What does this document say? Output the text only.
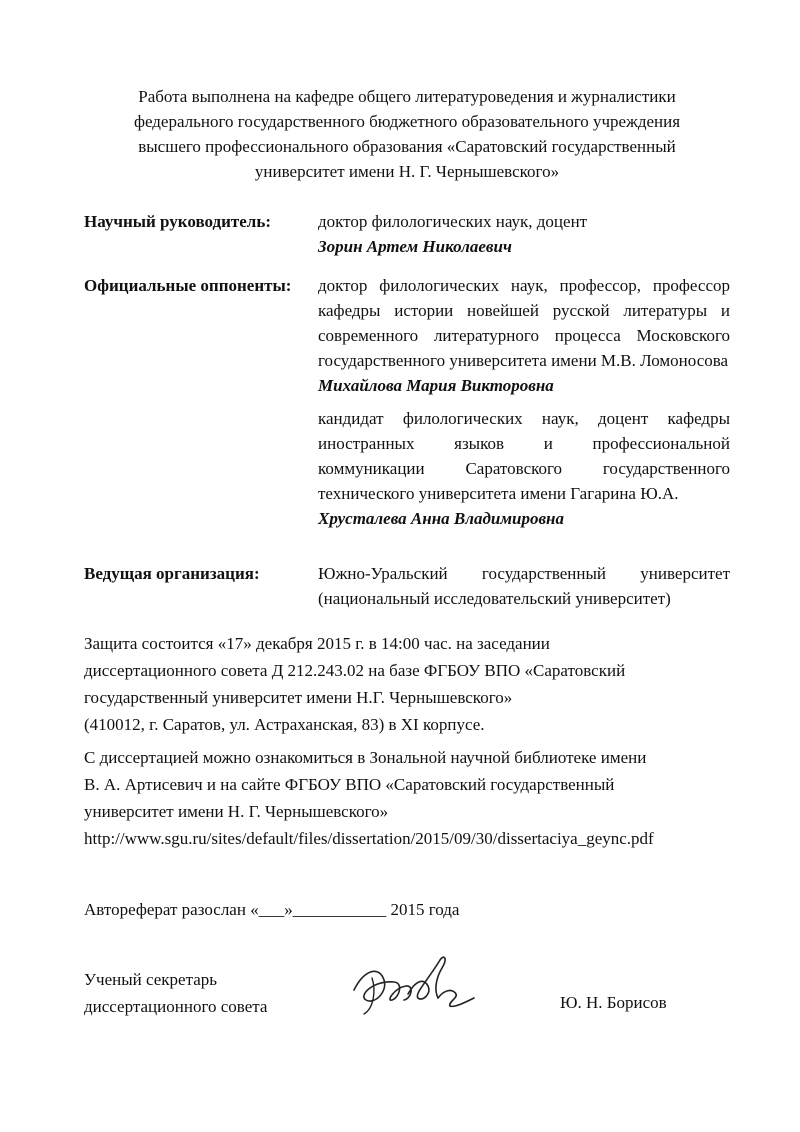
Работа выполнена на кафедре общего литературоведения и журналистики
федерального государственного бюджетного образовательного учреждения
высшего профессионального образования «Саратовский государственный
университет имени Н. Г. Чернышевского»
Научный руководитель:	доктор филологических наук, доцент
Зорин Артем Николаевич
Официальные оппоненты: доктор филологических наук, профессор, профессор кафедры истории новейшей русской литературы и современного литературного процесса Московского государственного университета имени М.В. Ломоносова
Михайлова Мария Викторовна
кандидат филологических наук, доцент кафедры иностранных языков и профессиональной коммуникации Саратовского государственного технического университета имени Гагарина Ю.А.
Хрусталева Анна Владимировна
Ведущая организация:	Южно-Уральский государственный университет (национальный исследовательский университет)
Защита состоится «17» декабря 2015 г. в 14:00 час. на заседании
диссертационного совета Д 212.243.02 на базе ФГБОУ ВПО «Саратовский
государственный университет имени Н.Г. Чернышевского»
(410012, г. Саратов, ул. Астраханская, 83) в XI корпусе.
С диссертацией можно ознакомиться в Зональной научной библиотеке имени
В. А. Артисевич и на сайте ФГБОУ ВПО «Саратовский государственный
университет имени Н. Г. Чернышевского»
http://www.sgu.ru/sites/default/files/dissertation/2015/09/30/dissertaciya_geync.pdf
Автореферат разослан «___»___________ 2015 года
Ученый секретарь
диссертационного совета	Ю. Н. Борисов
